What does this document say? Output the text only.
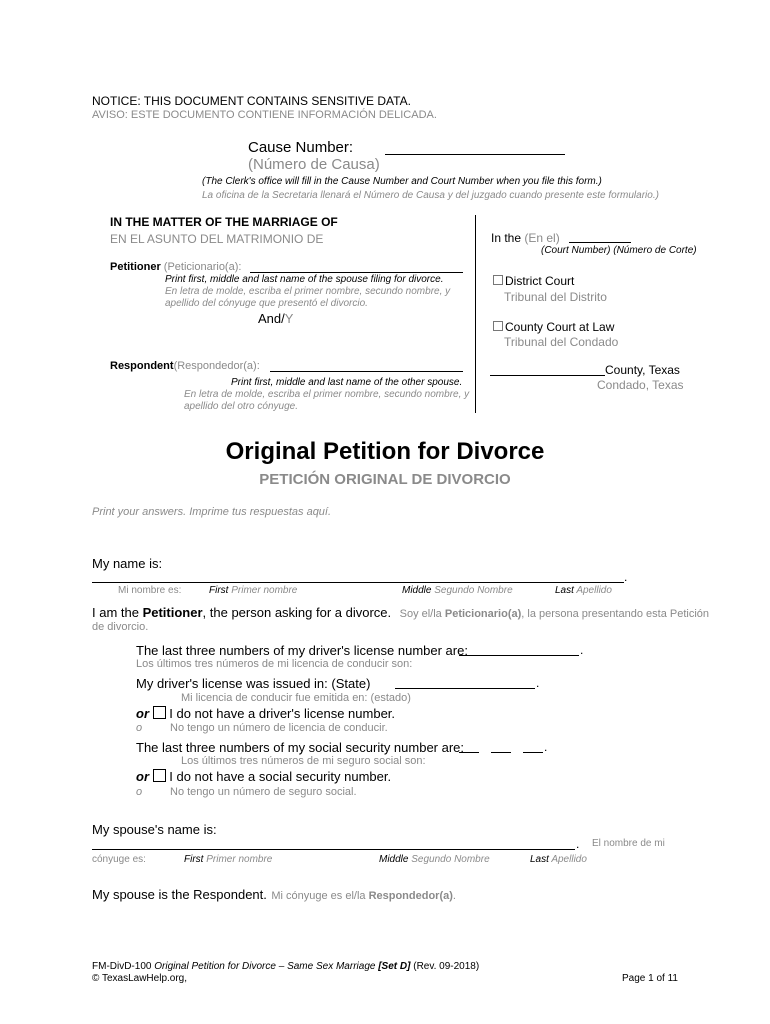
NOTICE: THIS DOCUMENT CONTAINS SENSITIVE DATA.
AVISO: ESTE DOCUMENTO CONTIENE INFORMACIÓN DELICADA.
Cause Number:
(Número de Causa)
(The Clerk's office will fill in the Cause Number and Court Number when you file this form.)
La oficina de la Secretaria llenará el Número de Causa y del juzgado cuando presente este formulario.)
IN THE MATTER OF THE MARRIAGE OF
EN EL ASUNTO DEL MATRIMONIO DE
Petitioner (Peticionario(a):
Print first, middle and last name of the spouse filing for divorce.
En letra de molde, escriba el primer nombre, secundo nombre, y
apellido del cónyuge que presentó el divorcio.
And/Y
Respondent(Respondedor(a):
Print first, middle and last name of the other spouse.
En letra de molde, escriba el primer nombre, secundo nombre, y
apellido del otro cónyuge.
In the (En el)
(Court Number) (Número de Corte)
District Court
Tribunal del Distrito
County Court at Law
Tribunal del Condado
County, Texas
Condado, Texas
Original Petition for Divorce
PETICIÓN ORIGINAL DE DIVORCIO
Print your answers. Imprime tus respuestas aquí.
My name is:
.
Mi nombre es:	First Primer nombre	Middle Segundo Nombre	Last Apellido
I am the Petitioner, the person asking for a divorce. Soy el/la Peticionario(a), la persona presentando esta Petición
de divorcio.
The last three numbers of my driver's license number are:	.
Los últimos tres números de mi licencia de conducir son:
My driver's license was issued in: (State)	.
Mi licencia de conducir fue emitida en: (estado)
or I do not have a driver's license number.
o	No tengo un número de licencia de conducir.
The last three numbers of my social security number are:	.
Los últimos tres números de mi seguro social son:
or I do not have a social security number.
o	No tengo un número de seguro social.
My spouse's name is:
. El nombre de mi
cónyuge es:	First Primer nombre	Middle Segundo Nombre	Last Apellido
My spouse is the Respondent. Mi cónyuge es el/la Respondedor(a).
FM-DivD-100 Original Petition for Divorce – Same Sex Marriage [Set D] (Rev. 09-2018)
© TexasLawHelp.org,	Page 1 of 11
